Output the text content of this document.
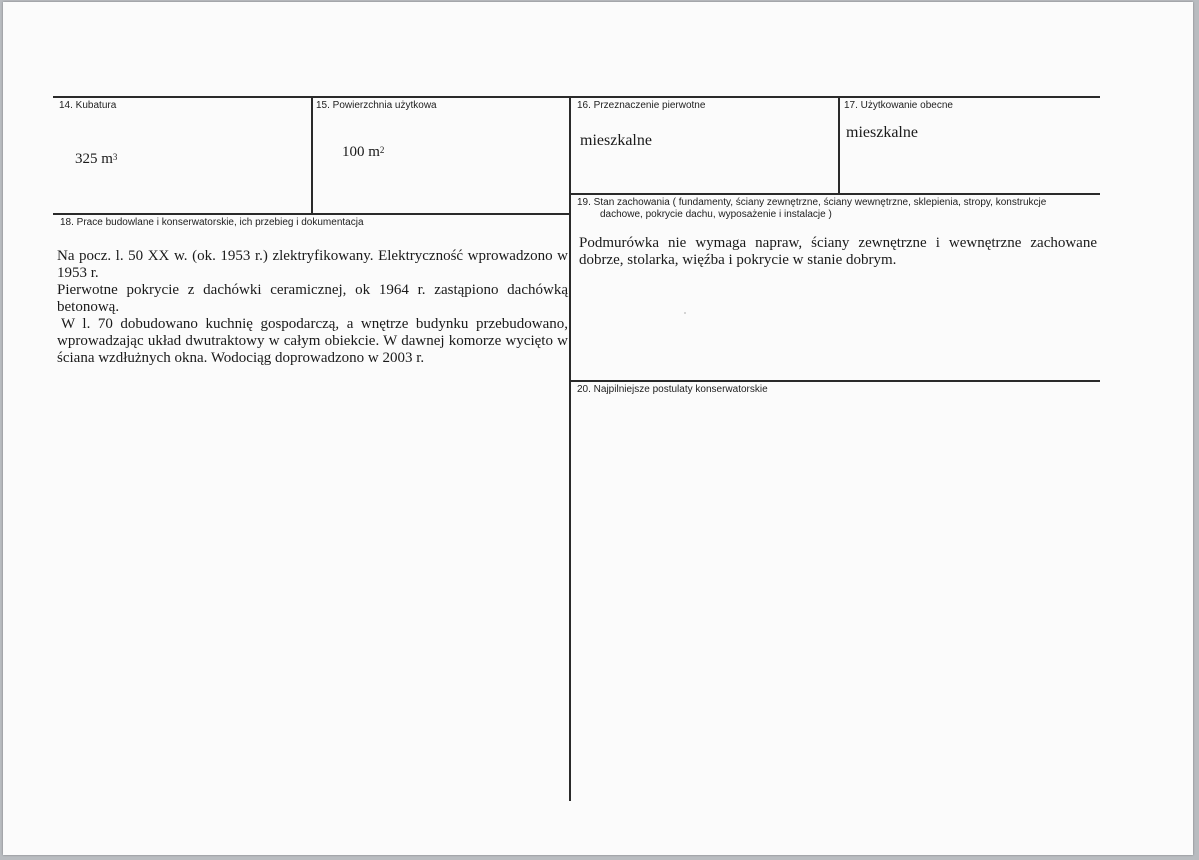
14. Kubatura
325 $m^3$
15. Powierzchnia użytkowa
100 $m^2$
16. Przeznaczenie pierwotne
mieszkalne
17. Użytkowanie obecne
mieszkalne
18. Prace budowlane i konserwatorskie, ich przebieg i dokumentacja

Na pocz. l. 50 XX w. (ok. 1953 r.) zlektryfikowany. Elektryczność wprowadzono w 1953 r.

Pierwotne pokrycie z dachówki ceramicznej, ok 1964 r. zastąpiono dachówką betonową.

W l. 70 dobudowano kuchnię gospodarczą, a wnętrze budynku przebudowano, wprowadzając układ dwutraktowy w całym obiekcie. W dawnej komorze wycięto w ściana wzdłużnych okna. Wodociąg doprowadzono w 2003 r.

19. Stan zachowania ( fundamenty, ściany zewnętrzne, ściany wewnętrzne, sklepienia, stropy, konstrukcje
dachowe, pokrycie dachu, wyposażenie i instalacje )

Podmurówka nie wymaga napraw, ściany zewnętrzne i wewnętrzne zachowane dobrze, stolarka, więźba i pokrycie w stanie dobrym.

20. Najpilniejsze postulaty konserwatorskie
